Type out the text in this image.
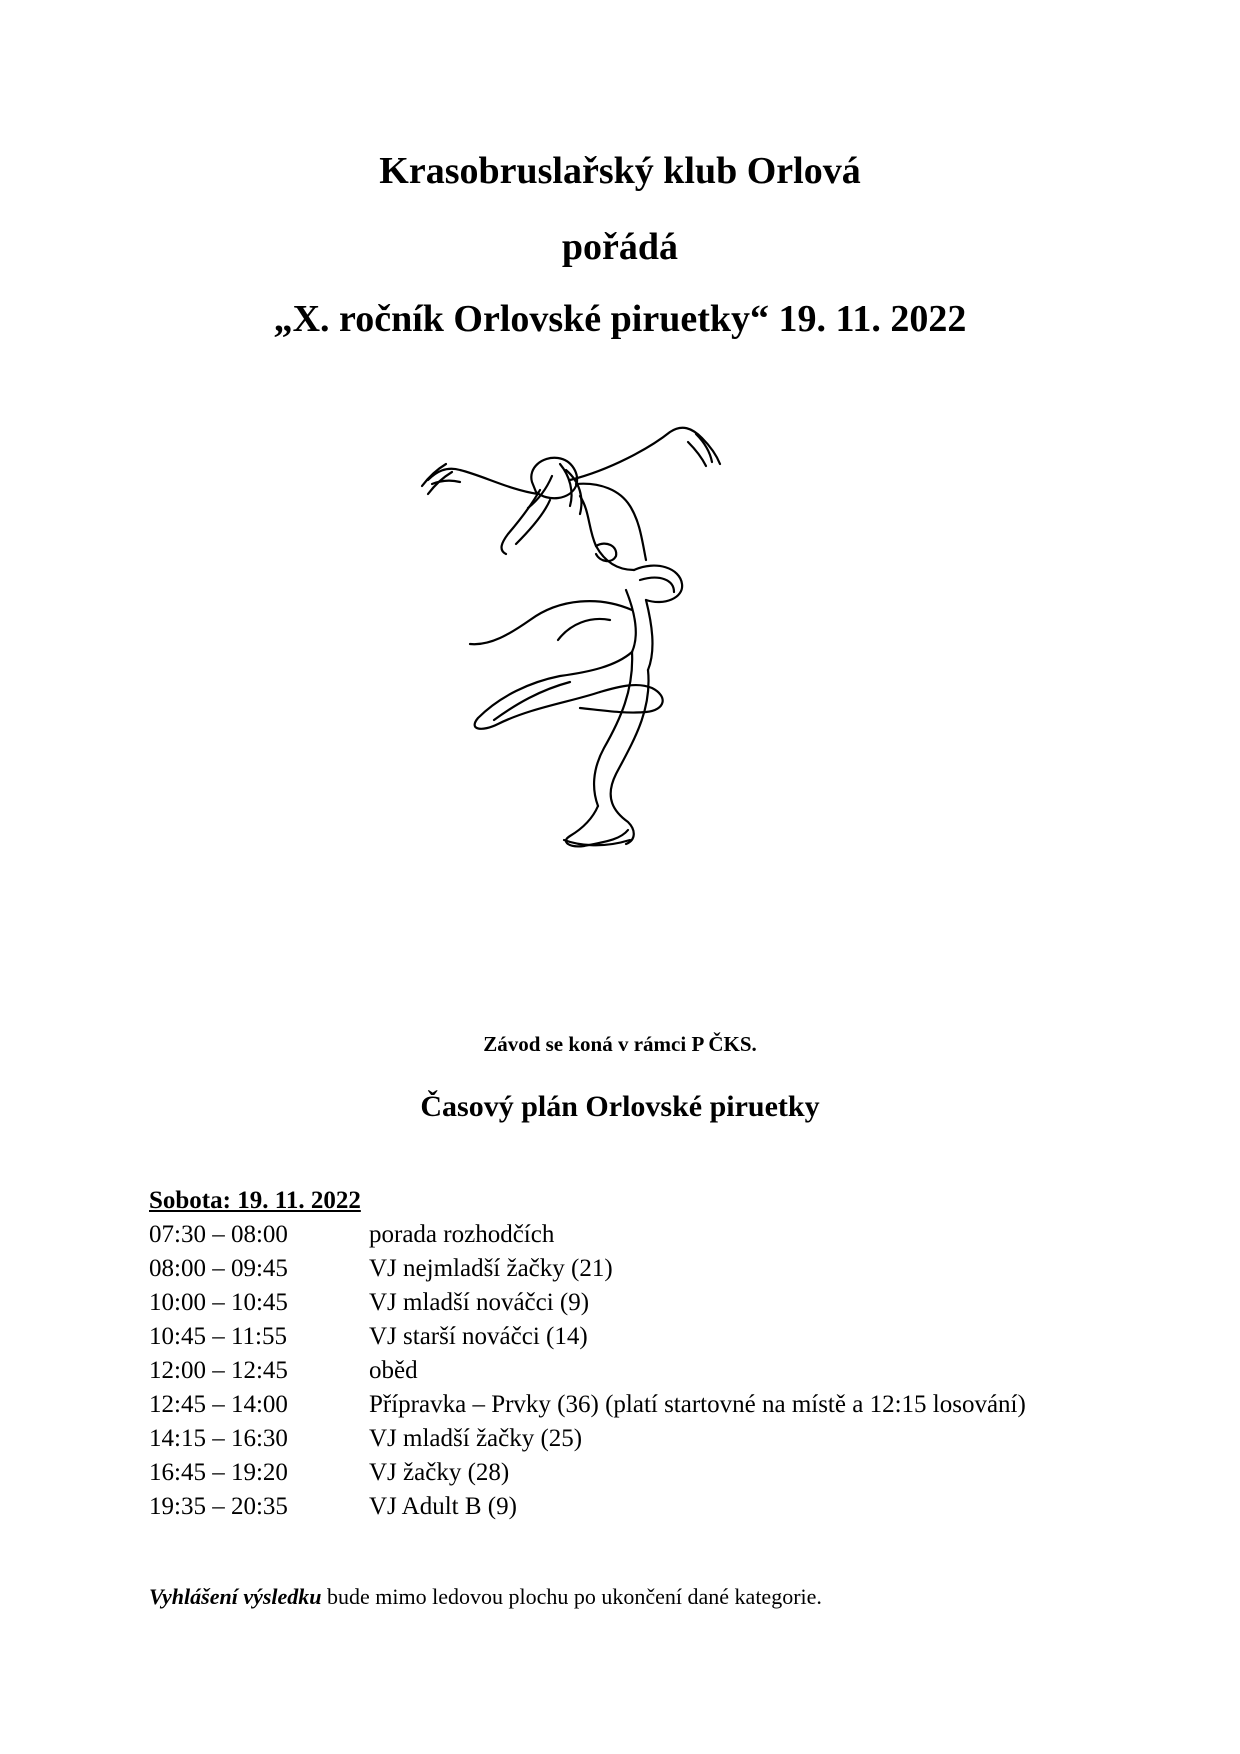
Krasobruslařský klub Orlová
pořádá
„X. ročník Orlovské piruetky“ 19. 11. 2022
Závod se koná v rámci P ČKS.
Časový plán Orlovské piruetky
Sobota: 19. 11. 2022
07:30 – 08:00	porada rozhodčích
08:00 – 09:45	VJ nejmladší žačky (21)
10:00 – 10:45	VJ mladší nováčci (9)
10:45 – 11:55	VJ starší nováčci (14)
12:00 – 12:45	oběd
12:45 – 14:00	Přípravka – Prvky (36) (platí startovné na místě a 12:15 losování)
14:15 – 16:30	VJ mladší žačky (25)
16:45 – 19:20	VJ žačky (28)
19:35 – 20:35	VJ Adult B (9)
Vyhlášení výsledku bude mimo ledovou plochu po ukončení dané kategorie.
